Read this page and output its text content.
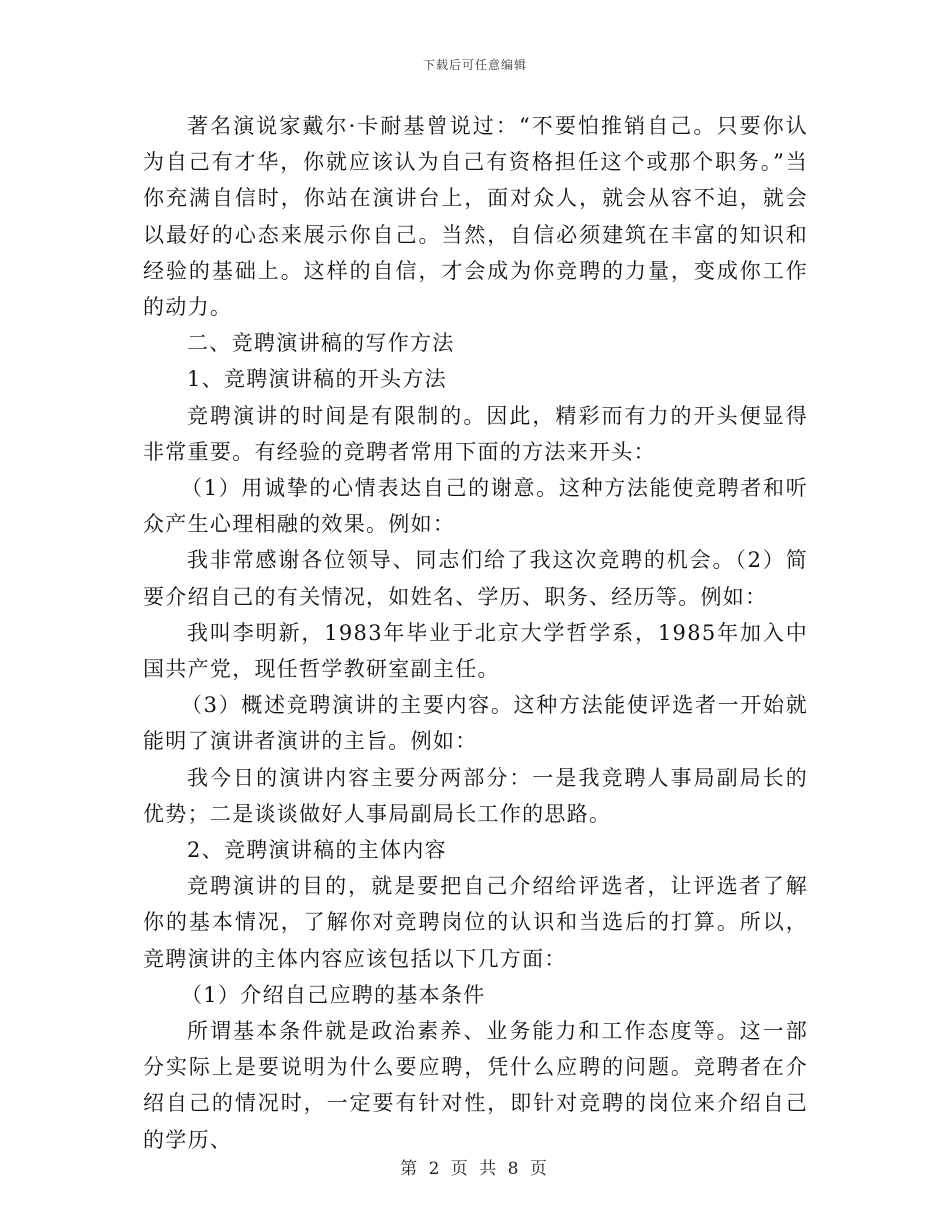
下载后可任意编辑

著名演说家戴尔·卡耐基曾说过：“不要怕推销自己。只要你认为自己有才华，你就应该认为自己有资格担任这个或那个职务。”当你充满自信时，你站在演讲台上，面对众人，就会从容不迫，就会以最好的心态来展示你自己。当然，自信必须建筑在丰富的知识和经验的基础上。这样的自信，才会成为你竞聘的力量，变成你工作的动力。

二、竞聘演讲稿的写作方法

1、竞聘演讲稿的开头方法

竞聘演讲的时间是有限制的。因此，精彩而有力的开头便显得非常重要。有经验的竞聘者常用下面的方法来开头：

（1）用诚挚的心情表达自己的谢意。这种方法能使竞聘者和听众产生心理相融的效果。例如：

我非常感谢各位领导、同志们给了我这次竞聘的机会。（2）简要介绍自己的有关情况，如姓名、学历、职务、经历等。例如：

我叫李明新，1983年毕业于北京大学哲学系，1985年加入中国共产党，现任哲学教研室副主任。

（3）概述竞聘演讲的主要内容。这种方法能使评选者一开始就能明了演讲者演讲的主旨。例如：

我今日的演讲内容主要分两部分：一是我竞聘人事局副局长的优势；二是谈谈做好人事局副局长工作的思路。

2、竞聘演讲稿的主体内容

竞聘演讲的目的，就是要把自己介绍给评选者，让评选者了解你的基本情况，了解你对竞聘岗位的认识和当选后的打算。所以，竞聘演讲的主体内容应该包括以下几方面：

（1）介绍自己应聘的基本条件

所谓基本条件就是政治素养、业务能力和工作态度等。这一部分实际上是要说明为什么要应聘，凭什么应聘的问题。竞聘者在介绍自己的情况时，一定要有针对性，即针对竞聘的岗位来介绍自己的学历、

第 2 页 共 8 页
